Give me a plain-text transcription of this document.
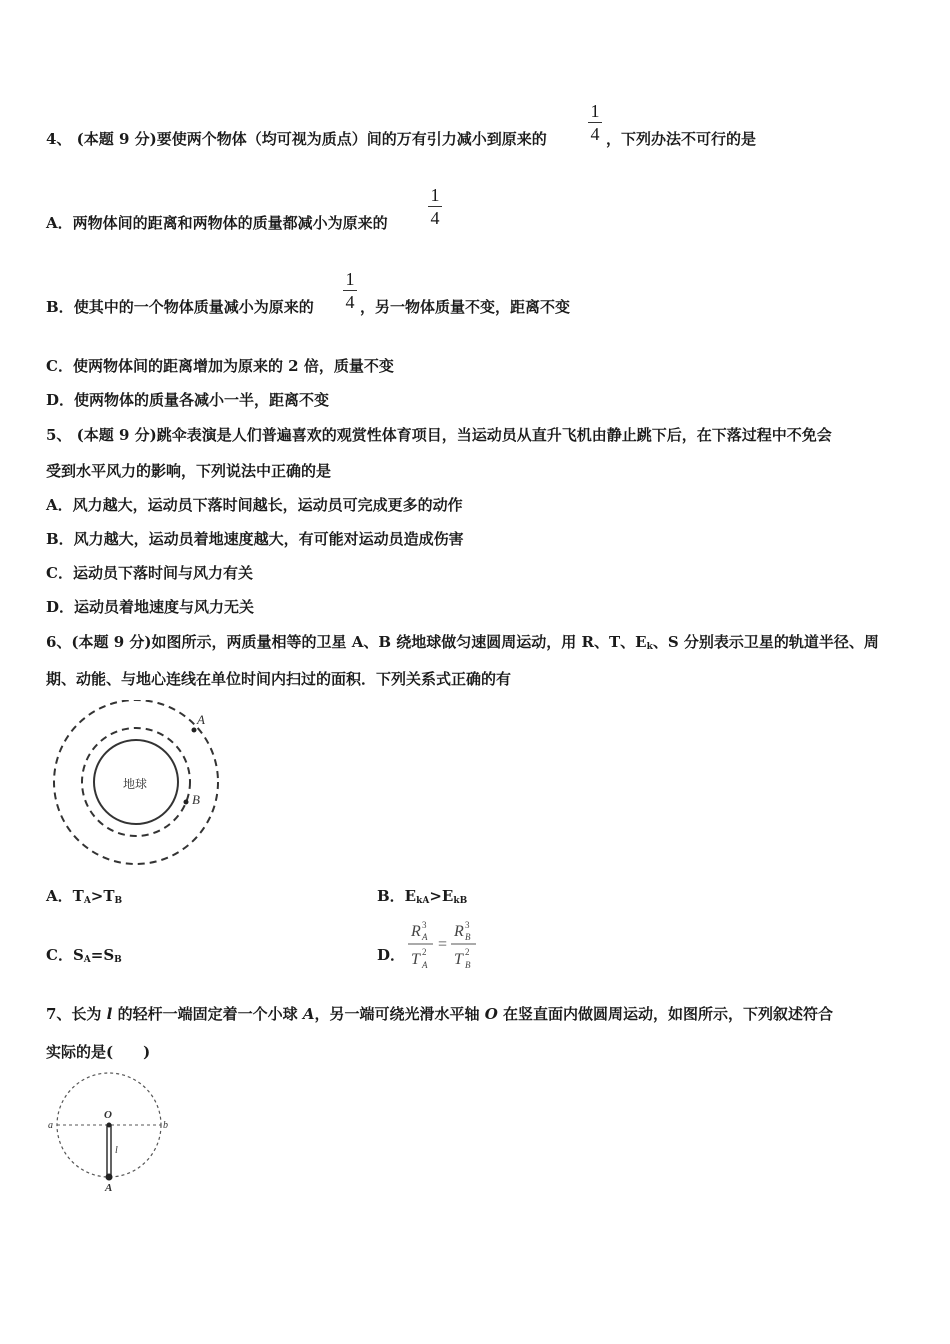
4、 (本题 9 分)要使两个物体（均可视为质点）间的万有引力减小到原来的
1
4 ，下列办法不可行的是
A．两物体间的距离和两物体的质量都减小为原来的
1
4
B．使其中的一个物体质量减小为原来的
1
4 ，另一物体质量不变，距离不变
C．使两物体间的距离增加为原来的 2 倍，质量不变
D．使两物体的质量各减小一半，距离不变
5、 (本题 9 分)跳伞表演是人们普遍喜欢的观赏性体育项目，当运动员从直升飞机由静止跳下后，在下落过程中不免会
受到水平风力的影响，下列说法中正确的是
A．风力越大，运动员下落时间越长，运动员可完成更多的动作
B．风力越大，运动员着地速度越大，有可能对运动员造成伤害
C．运动员下落时间与风力有关
D．运动员着地速度与风力无关
6、(本题 9 分)如图所示，两质量相等的卫星 A、B 绕地球做匀速圆周运动，用 R、T、$E_k$、S 分别表示卫星的轨道半径、周
期、动能、与地心连线在单位时间内扫过的面积．下列关系式正确的有
地球
A
B
A．$T_A>T_B$	B．$E_{kA}>E_{kB}$
C．$S_A=S_B$	D．
R 3
A
T 2
A
=
R 3
B
T 2
B
7、长为 l 的轻杆一端固定着一个小球 A，另一端可绕光滑水平轴 O 在竖直面内做圆周运动，如图所示，下列叙述符合
实际的是(　　)
O
a	b
l
A
